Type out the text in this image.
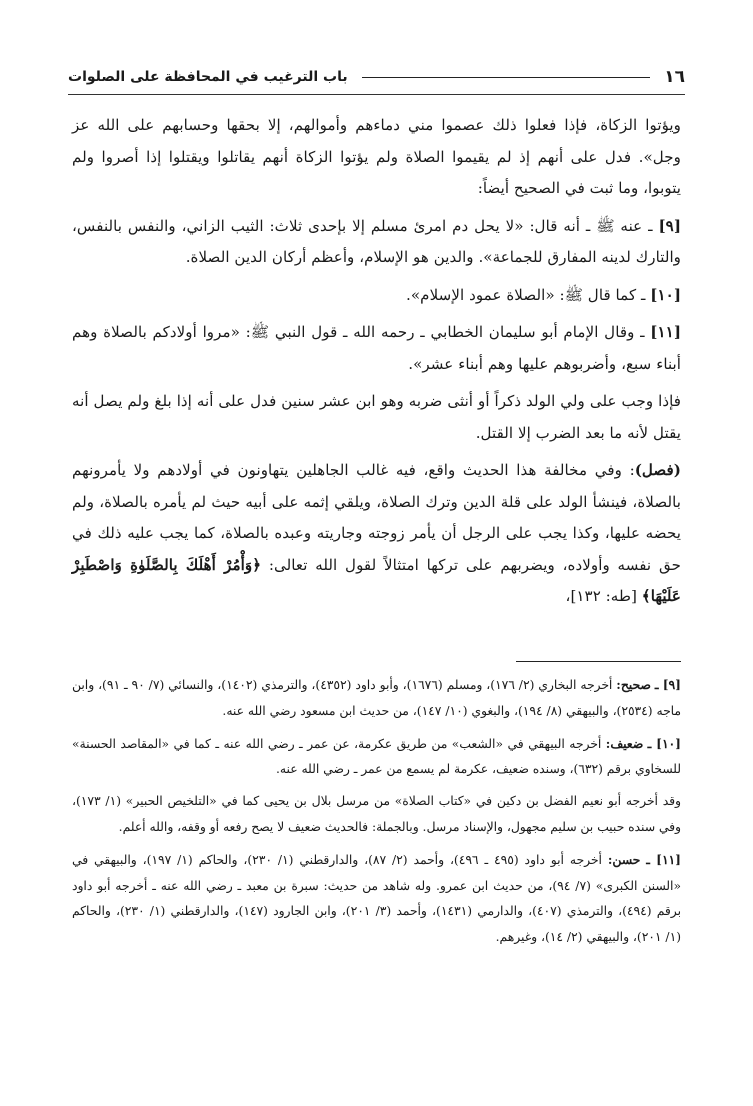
١٦
باب الترغيب في المحافظة على الصلوات

ويؤتوا الزكاة، فإذا فعلوا ذلك عصموا مني دماءهم وأموالهم، إلا بحقها وحسابهم على الله عز وجل». فدل على أنهم إذ لم يقيموا الصلاة ولم يؤتوا الزكاة أنهم يقاتلوا ويقتلوا إذا أصروا ولم يتوبوا، وما ثبت في الصحيح أيضاً:

[٩] ـ عنه ﷺ ـ أنه قال: «لا يحل دم امرئ مسلم إلا بإحدى ثلاث: الثيب الزاني، والنفس بالنفس، والتارك لدينه المفارق للجماعة». والدين هو الإسلام، وأعظم أركان الدين الصلاة.

[١٠] ـ كما قال ﷺ: «الصلاة عمود الإسلام».

[١١] ـ وقال الإمام أبو سليمان الخطابي ـ رحمه الله ـ قول النبي ﷺ: «مروا أولادكم بالصلاة وهم أبناء سبع، وأضربوهم عليها وهم أبناء عشر».

فإذا وجب على ولي الولد ذكراً أو أنثى ضربه وهو ابن عشر سنين فدل على أنه إذا بلغ ولم يصل أنه يقتل لأنه ما بعد الضرب إلا القتل.

(فصل): وفي مخالفة هذا الحديث واقع، فيه غالب الجاهلين يتهاونون في أولادهم ولا يأمرونهم بالصلاة، فينشأ الولد على قلة الدين وترك الصلاة، ويلقي إثمه على أبيه حيث لم يأمره بالصلاة، ولم يحضه عليها، وكذا يجب على الرجل أن يأمر زوجته وجاريته وعبده بالصلاة، كما يجب عليه ذلك في حق نفسه وأولاده، ويضربهم على تركها امتثالاً لقول الله تعالى: ﴿وَأْمُرْ أَهْلَكَ بِالصَّلَوٰةِ وَاصْطَبِرْ عَلَيْهَا﴾ [طه: ١٣٢]،

[٩] ـ صحيح: أخرجه البخاري (٢/ ١٧٦)، ومسلم (١٦٧٦)، وأبو داود (٤٣٥٢)، والترمذي (١٤٠٢)، والنسائي (٧/ ٩٠ ـ ٩١)، وابن ماجه (٢٥٣٤)، والبيهقي (٨/ ١٩٤)، والبغوي (١٠/ ١٤٧)، من حديث ابن مسعود رضي الله عنه.

[١٠] ـ ضعيف: أخرجه البيهقي في «الشعب» من طريق عكرمة، عن عمر ـ رضي الله عنه ـ كما في «المقاصد الحسنة» للسخاوي برقم (٦٣٢)، وسنده ضعيف، عكرمة لم يسمع من عمر ـ رضي الله عنه.

وقد أخرجه أبو نعيم الفضل بن دكين في «كتاب الصلاة» من مرسل بلال بن يحيى كما في «التلخيص الحبير» (١/ ١٧٣)، وفي سنده حبيب بن سليم مجهول، والإسناد مرسل. وبالجملة: فالحديث ضعيف لا يصح رفعه أو وقفه، والله أعلم.

[١١] ـ حسن: أخرجه أبو داود (٤٩٥ ـ ٤٩٦)، وأحمد (٢/ ٨٧)، والدارقطني (١/ ٢٣٠)، والحاكم (١/ ١٩٧)، والبيهقي في «السنن الكبرى» (٧/ ٩٤)، من حديث ابن عمرو. وله شاهد من حديث: سبرة بن معبد ـ رضي الله عنه ـ أخرجه أبو داود برقم (٤٩٤)، والترمذي (٤٠٧)، والدارمي (١٤٣١)، وأحمد (٣/ ٢٠١)، وابن الجارود (١٤٧)، والدارقطني (١/ ٢٣٠)، والحاكم (١/ ٢٠١)، والبيهقي (٢/ ١٤)، وغيرهم.
